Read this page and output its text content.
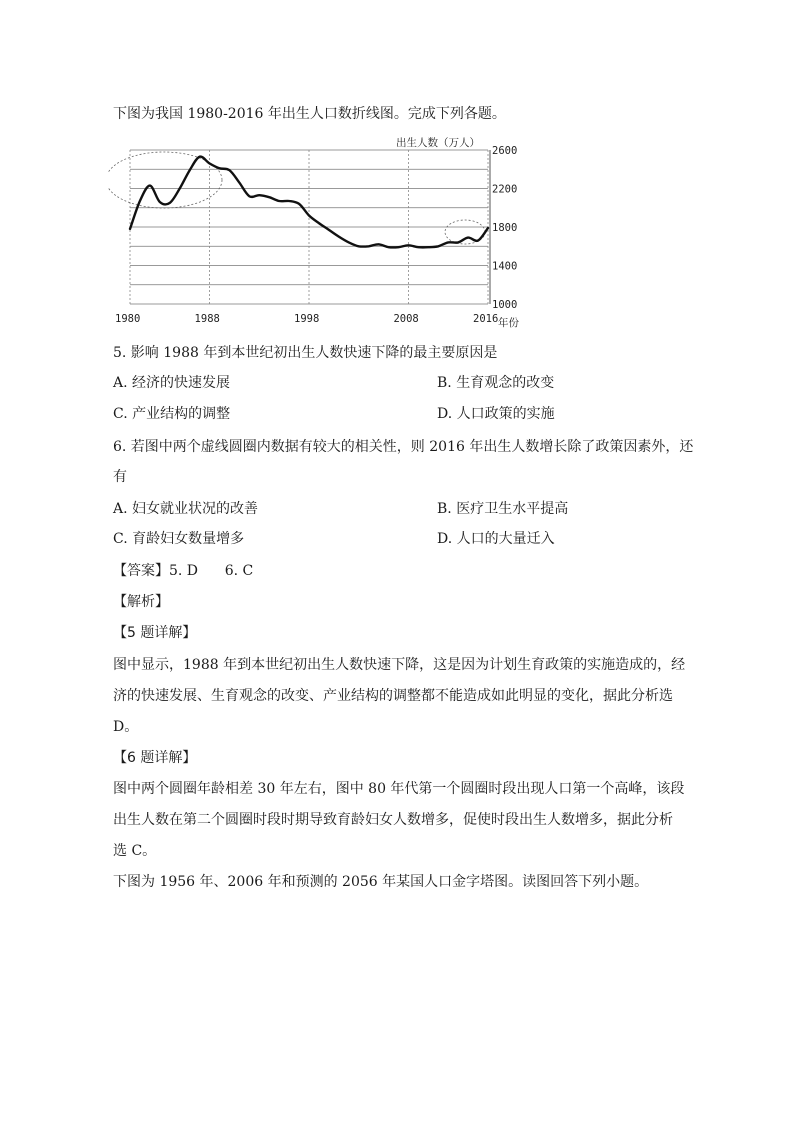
下图为我国 1980-2016 年出生人口数折线图。完成下列各题。
出生人数（万人）
2600
2200
1800
1400
1000
1980	1988	1998	2008	2016 年份
5. 影响 1988 年到本世纪初出生人数快速下降的最主要原因是
A. 经济的快速发展	B. 生育观念的改变
C. 产业结构的调整	D. 人口政策的实施
6. 若图中两个虚线圆圈内数据有较大的相关性，则 2016 年出生人数增长除了政策因素外，还
有
A. 妇女就业状况的改善	B. 医疗卫生水平提高
C. 育龄妇女数量增多	D. 人口的大量迁入
【答案】5. D      6. C
【解析】
【5 题详解】
图中显示，1988 年到本世纪初出生人数快速下降，这是因为计划生育政策的实施造成的，经
济的快速发展、生育观念的改变、产业结构的调整都不能造成如此明显的变化，据此分析选
D。
【6 题详解】
图中两个圆圈年龄相差 30 年左右，图中 80 年代第一个圆圈时段出现人口第一个高峰，该段
出生人数在第二个圆圈时段时期导致育龄妇女人数增多，促使时段出生人数增多，据此分析
选 C。
下图为 1956 年、2006 年和预测的 2056 年某国人口金字塔图。读图回答下列小题。
